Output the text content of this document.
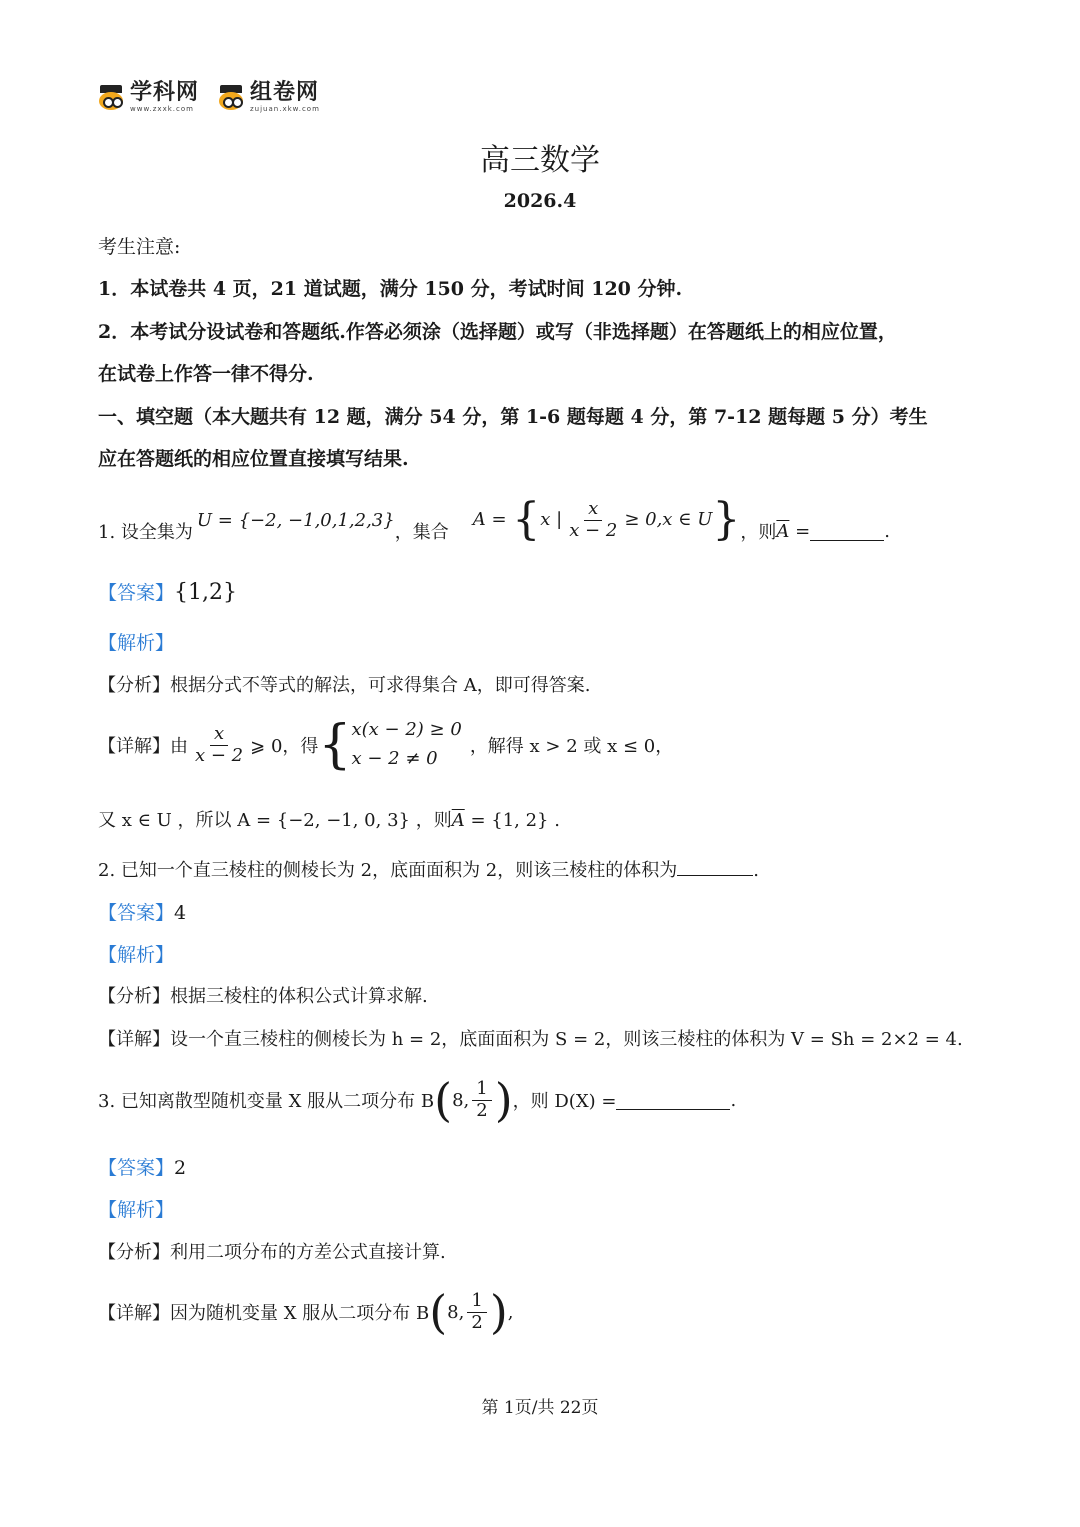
学科网
www.zxxk.com
组卷网
zujuan.xkw.com
高三数学
2026.4
考生注意:
1．本试卷共 4 页，21 道试题，满分 150 分，考试时间 120 分钟.
2．本考试分设试卷和答题纸.作答必须涂（选择题）或写（非选择题）在答题纸上的相应位置，
在试卷上作答一律不得分.
一、填空题（本大题共有 12 题，满分 54 分，第 1-6 题每题 4 分，第 7-12 题每题 5 分）考生
应在答题纸的相应位置直接填写结果.
1. 设全集为
U = {−2, −1,0,1,2,3}
，集合
A = {x | $\frac{x}{x - 2} \ge 0,x$ ∈ U} ，则 $\overline{A}$ =	.
【答案】{1,2}
【解析】
【分析】根据分式不等式的解法，可求得集合 A，即可得答案.
【详解】 由 $\frac{x}{x - 2}$ ⩾ 0，得 { x(x − 2) ≥ 0
x − 2 ≠ 0
，解得 x > 2 或 x ≤ 0，
又 x ∈ U ，所以 A = {−2, −1, 0, 3} ，则$\overline{A} = \{1$, 2} .
2. 已知一个直三棱柱的侧棱长为 2，底面面积为 2，则该三棱柱的体积为	.
【答案】4
【解析】
【分析】根据三棱柱的体积公式计算求解.
【详解】设一个直三棱柱的侧棱长为 h = 2，底面面积为 S = 2，则该三棱柱的体积为 V = Sh = 2×2 = 4.
3. 已知离散型随机变量 X 服从二项分布 B ( 8, $\frac{1}{2}$ ) ，则 D(X) =	.
【答案】2
【解析】
【分析】利用二项分布的方差公式直接计算.
【详解】 因为随机变量 X 服从二项分布 B ( 8, $\frac{1}{2}$ ) ,
第 1页/共 22页
